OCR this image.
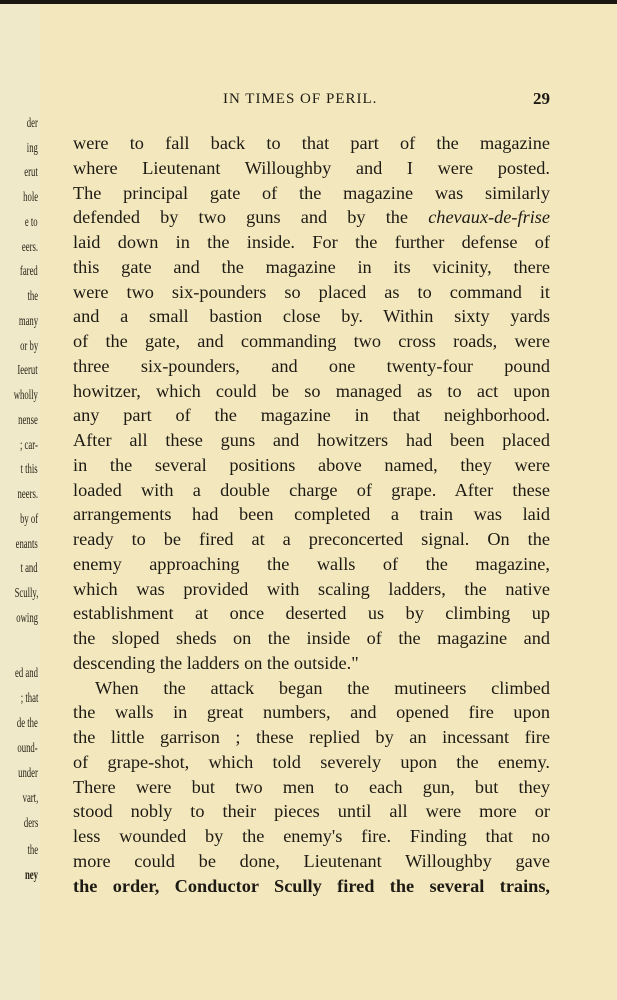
der
ing
erut
hole
e to
eers.
fared
the
many
or by
Ieerut
wholly
nense
; car-
t this
neers.
by of
enants
t and
Scully,
owing
ed and
; that
de the
ound-
under
vart,
ders
the
ney
IN TIMES OF PERIL.	29
were to fall back to that part of the magazine
where Lieutenant Willoughby and I were posted.
The principal gate of the magazine was similarly
defended by two guns and by the chevaux-de-frise
laid down in the inside. For the further defense of
this gate and the magazine in its vicinity, there
were two six-pounders so placed as to command it
and a small bastion close by. Within sixty yards
of the gate, and commanding two cross roads, were
three six-pounders, and one twenty-four pound
howitzer, which could be so managed as to act upon
any part of the magazine in that neighborhood.
After all these guns and howitzers had been placed
in the several positions above named, they were
loaded with a double charge of grape. After these
arrangements had been completed a train was laid
ready to be fired at a preconcerted signal. On the
enemy approaching the walls of the magazine,
which was provided with scaling ladders, the native
establishment at once deserted us by climbing up
the sloped sheds on the inside of the magazine and
descending the ladders on the outside."
When the attack began the mutineers climbed
the walls in great numbers, and opened fire upon
the little garrison ; these replied by an incessant fire
of grape-shot, which told severely upon the enemy.
There were but two men to each gun, but they
stood nobly to their pieces until all were more or
less wounded by the enemy's fire. Finding that no
more could be done, Lieutenant Willoughby gave
the order, Conductor Scully fired the several trains,
